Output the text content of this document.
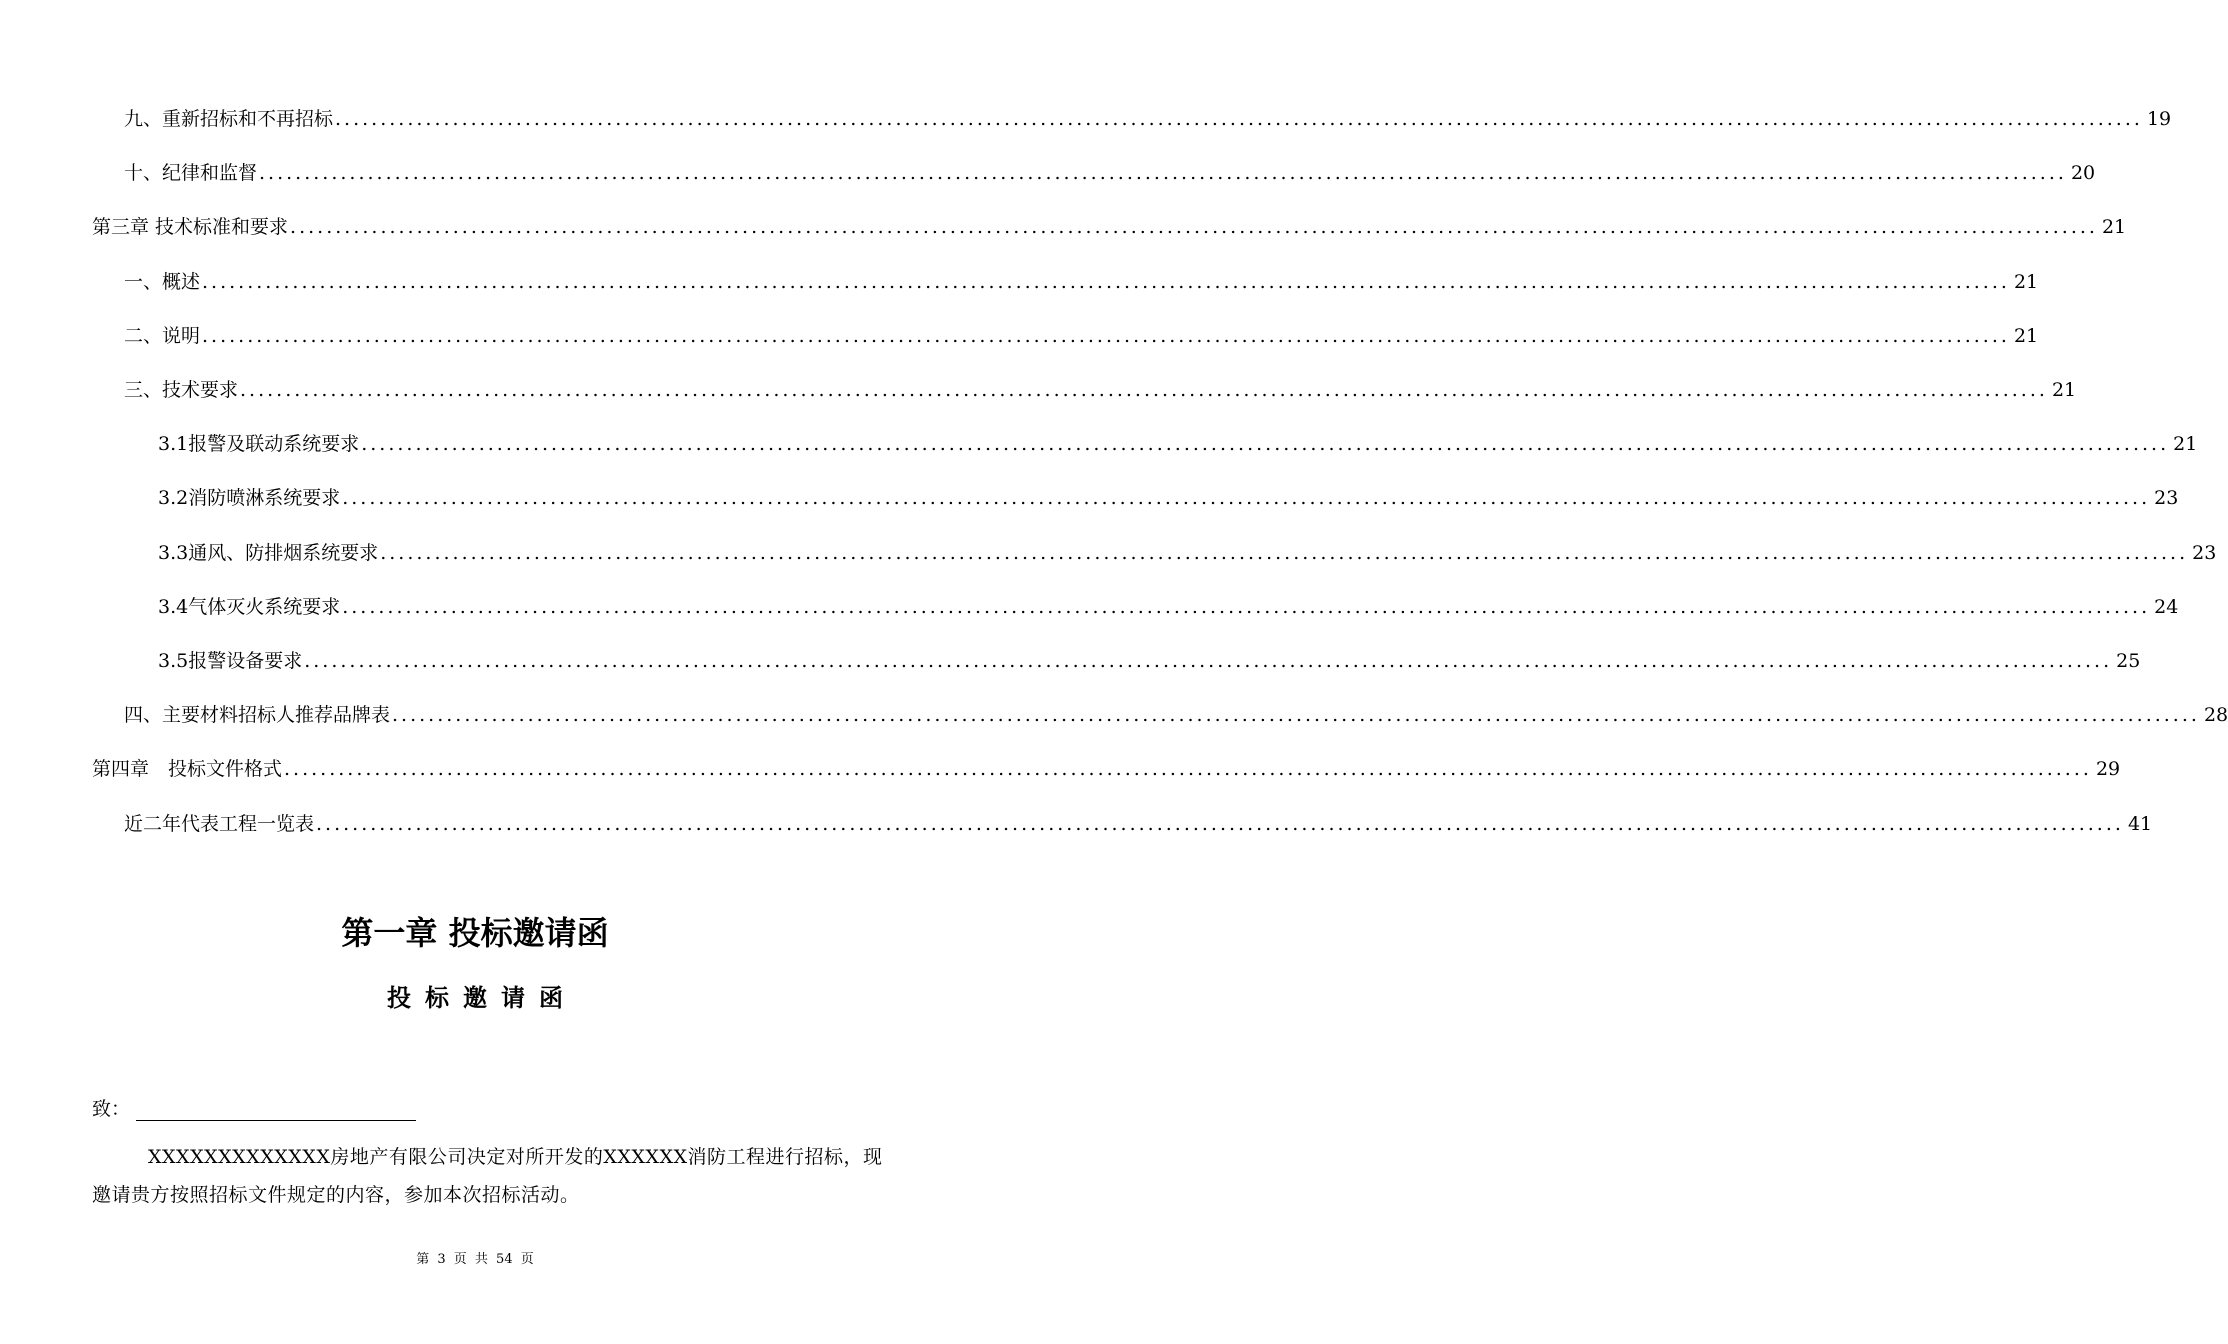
九、重新招标和不再招标 ........................................................................................................................................................................................................ 19
十、纪律和监督 ........................................................................................................................................................................................................ 20
第三章 技术标准和要求 ........................................................................................................................................................................................................ 21
一、概述 ........................................................................................................................................................................................................ 21
二、说明 ........................................................................................................................................................................................................ 21
三、技术要求 ........................................................................................................................................................................................................ 21
3.1报警及联动系统要求 ........................................................................................................................................................................................................ 21
3.2消防喷淋系统要求 ........................................................................................................................................................................................................ 23
3.3通风、防排烟系统要求 ........................................................................................................................................................................................................ 23
3.4气体灭火系统要求 ........................................................................................................................................................................................................ 24
3.5报警设备要求 ........................................................................................................................................................................................................ 25
四、主要材料招标人推荐品牌表 ........................................................................................................................................................................................................ 28
第四章　投标文件格式 ........................................................................................................................................................................................................ 29
近二年代表工程一览表 ........................................................................................................................................................................................................ 41
第一章 投标邀请函
投标邀请函
致：
XXXXXXXXXXXXX房地产有限公司决定对所开发的XXXXXX消防工程进行招标，现邀请贵方按照招标文件规定的内容，参加本次招标活动。
第 3 页 共 54 页
